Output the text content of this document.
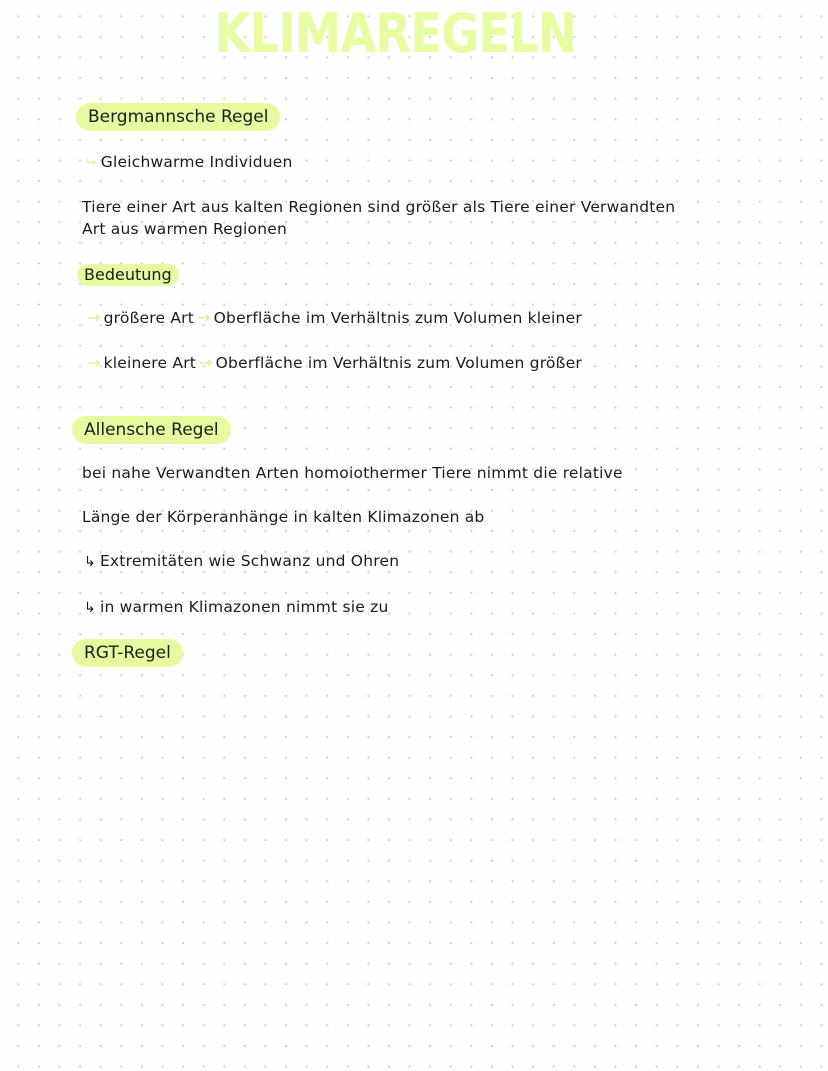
KLIMAREGELN
Bergmannsche Regel
↵ Gleichwarme Individuen
Tiere einer Art aus kalten Regionen sind größer als Tiere einer Verwandten
Art aus warmen Regionen
Bedeutung
→ größere Art → Oberfläche im Verhältnis zum Volumen kleiner
→ kleinere Art → Oberfläche im Verhältnis zum Volumen größer
Allensche Regel
bei nahe Verwandten Arten homoiothermer Tiere nimmt die relative
Länge der Körperanhänge in kalten Klimazonen ab
↳ Extremitäten wie Schwanz und Ohren
↳ in warmen Klimazonen nimmt sie zu
RGT-Regel
